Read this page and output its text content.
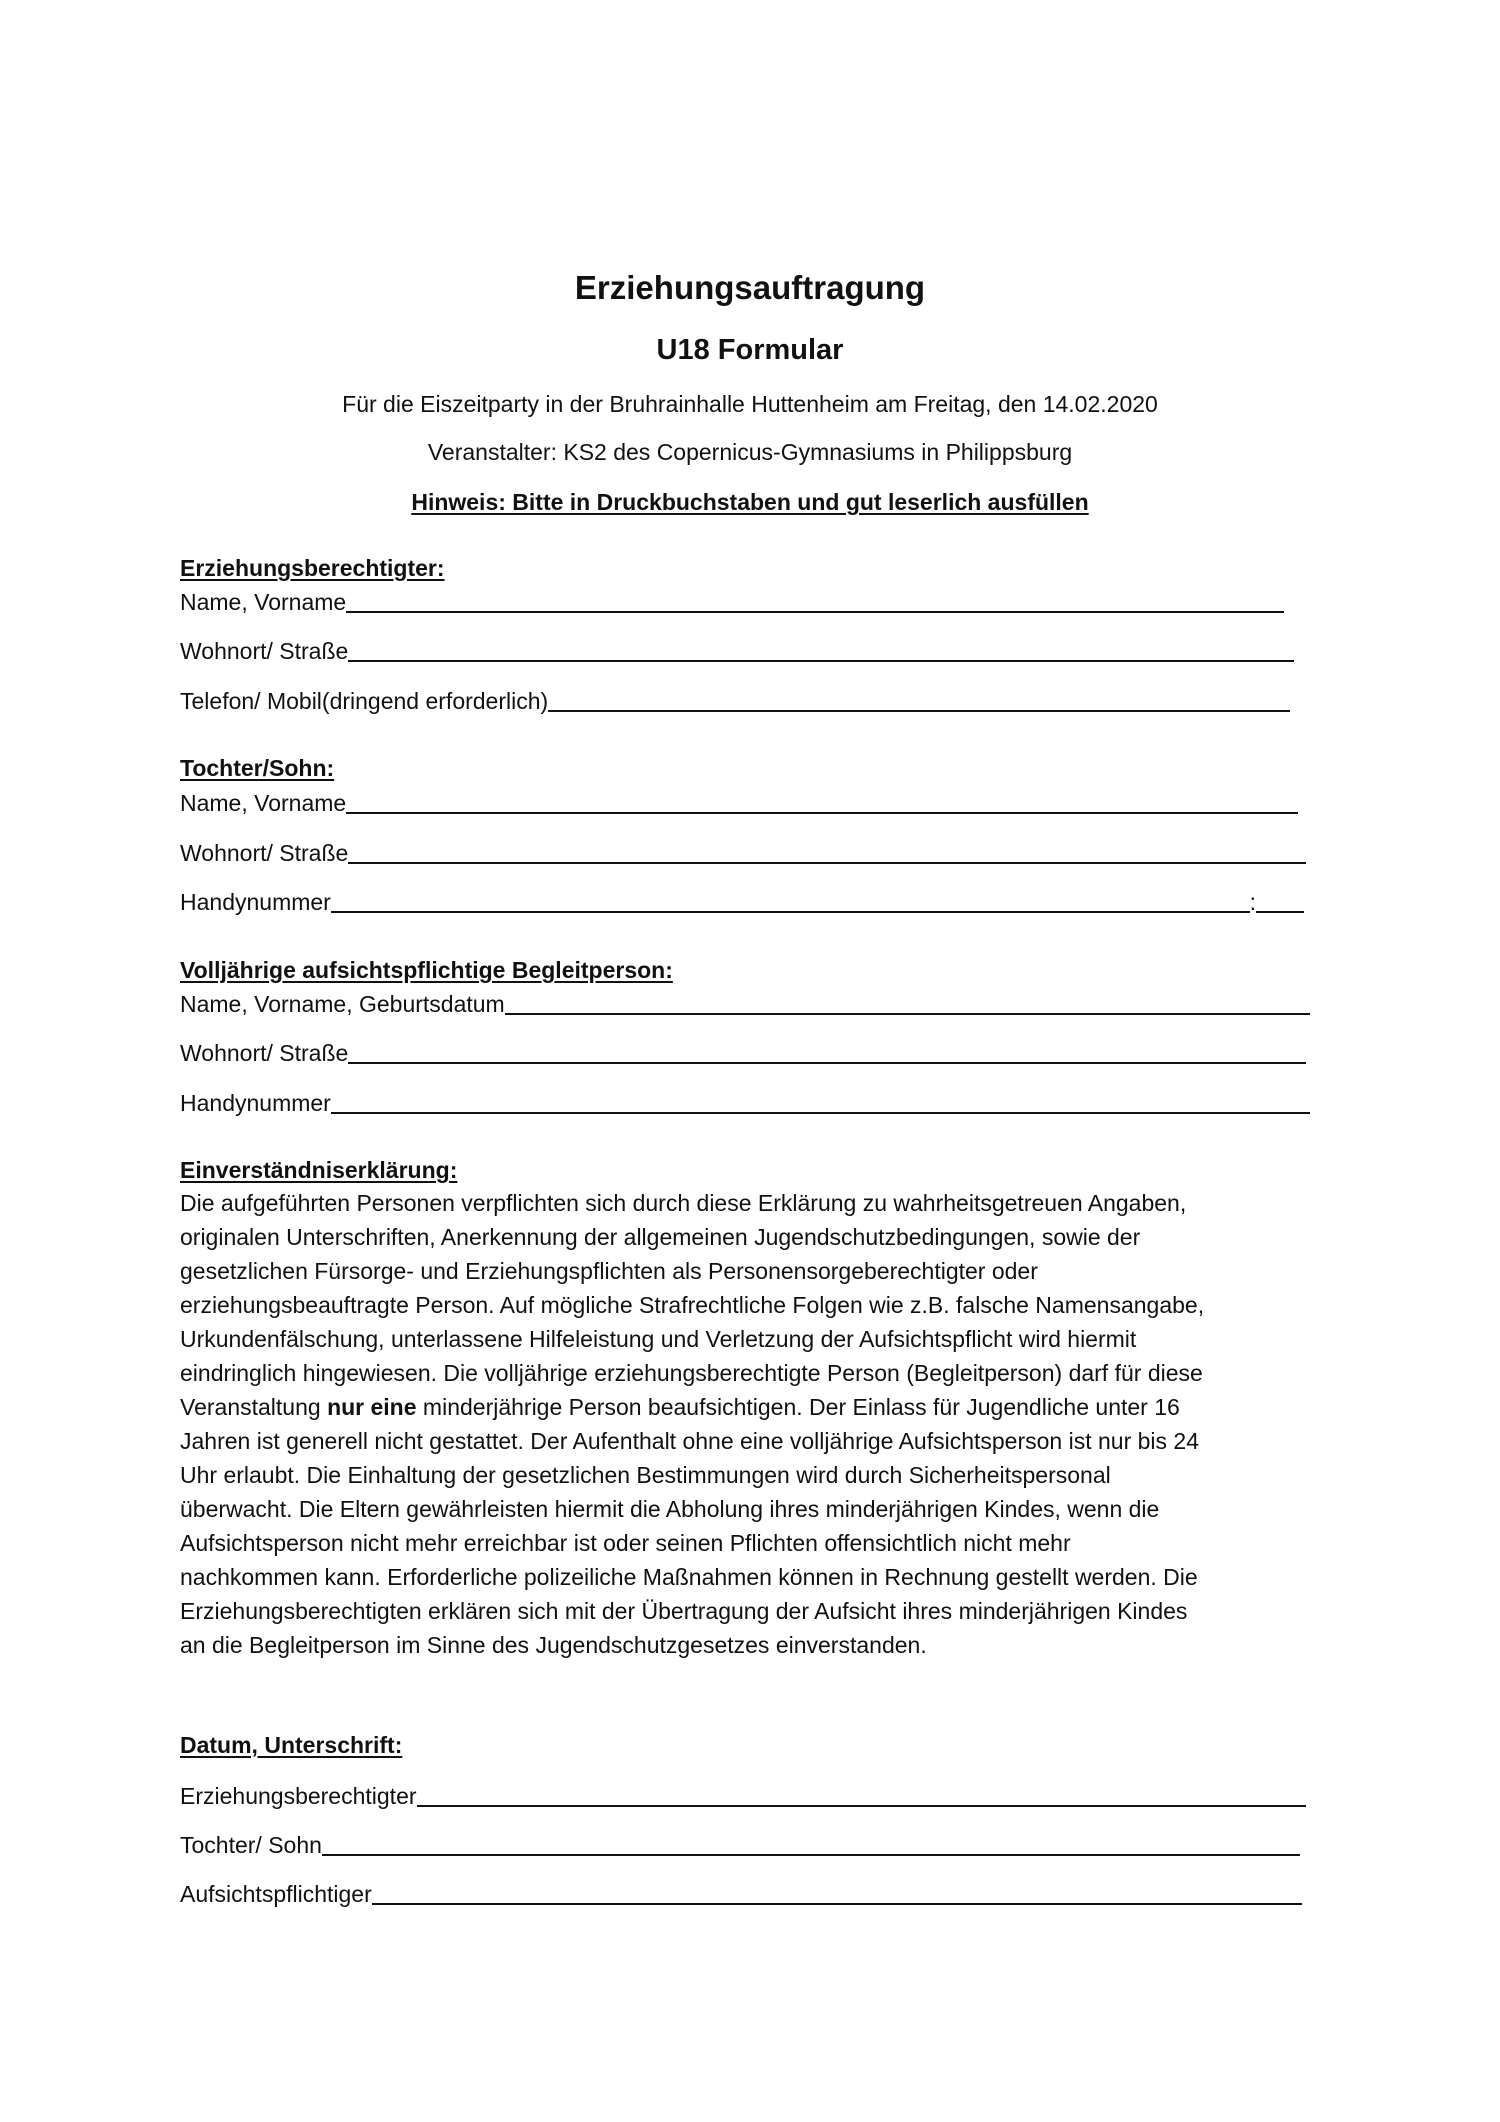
Erziehungsauftragung
U18 Formular
Für die Eiszeitparty in der Bruhrainhalle Huttenheim am Freitag, den 14.02.2020
Veranstalter: KS2 des Copernicus-Gymnasiums in Philippsburg
Hinweis: Bitte in Druckbuchstaben und gut leserlich ausfüllen
Erziehungsberechtigter:
Name, Vorname
Wohnort/ Straße
Telefon/ Mobil(dringend erforderlich)
Tochter/Sohn:
Name, Vorname
Wohnort/ Straße
Handynummer	:
Volljährige aufsichtspflichtige Begleitperson:
Name, Vorname, Geburtsdatum
Wohnort/ Straße
Handynummer
Einverständniserklärung:
Die aufgeführten Personen verpflichten sich durch diese Erklärung zu wahrheitsgetreuen Angaben,
originalen Unterschriften, Anerkennung der allgemeinen Jugendschutzbedingungen, sowie der
gesetzlichen Fürsorge- und Erziehungspflichten als Personensorgeberechtigter oder
erziehungsbeauftragte Person. Auf mögliche Strafrechtliche Folgen wie z.B. falsche Namensangabe,
Urkundenfälschung, unterlassene Hilfeleistung und Verletzung der Aufsichtspflicht wird hiermit
eindringlich hingewiesen. Die volljährige erziehungsberechtigte Person (Begleitperson) darf für diese
Veranstaltung nur eine minderjährige Person beaufsichtigen. Der Einlass für Jugendliche unter 16
Jahren ist generell nicht gestattet. Der Aufenthalt ohne eine volljährige Aufsichtsperson ist nur bis 24
Uhr erlaubt. Die Einhaltung der gesetzlichen Bestimmungen wird durch Sicherheitspersonal
überwacht. Die Eltern gewährleisten hiermit die Abholung ihres minderjährigen Kindes, wenn die
Aufsichtsperson nicht mehr erreichbar ist oder seinen Pflichten offensichtlich nicht mehr
nachkommen kann. Erforderliche polizeiliche Maßnahmen können in Rechnung gestellt werden. Die
Erziehungsberechtigten erklären sich mit der Übertragung der Aufsicht ihres minderjährigen Kindes
an die Begleitperson im Sinne des Jugendschutzgesetzes einverstanden.
Datum, Unterschrift:
Erziehungsberechtigter
Tochter/ Sohn
Aufsichtspflichtiger
